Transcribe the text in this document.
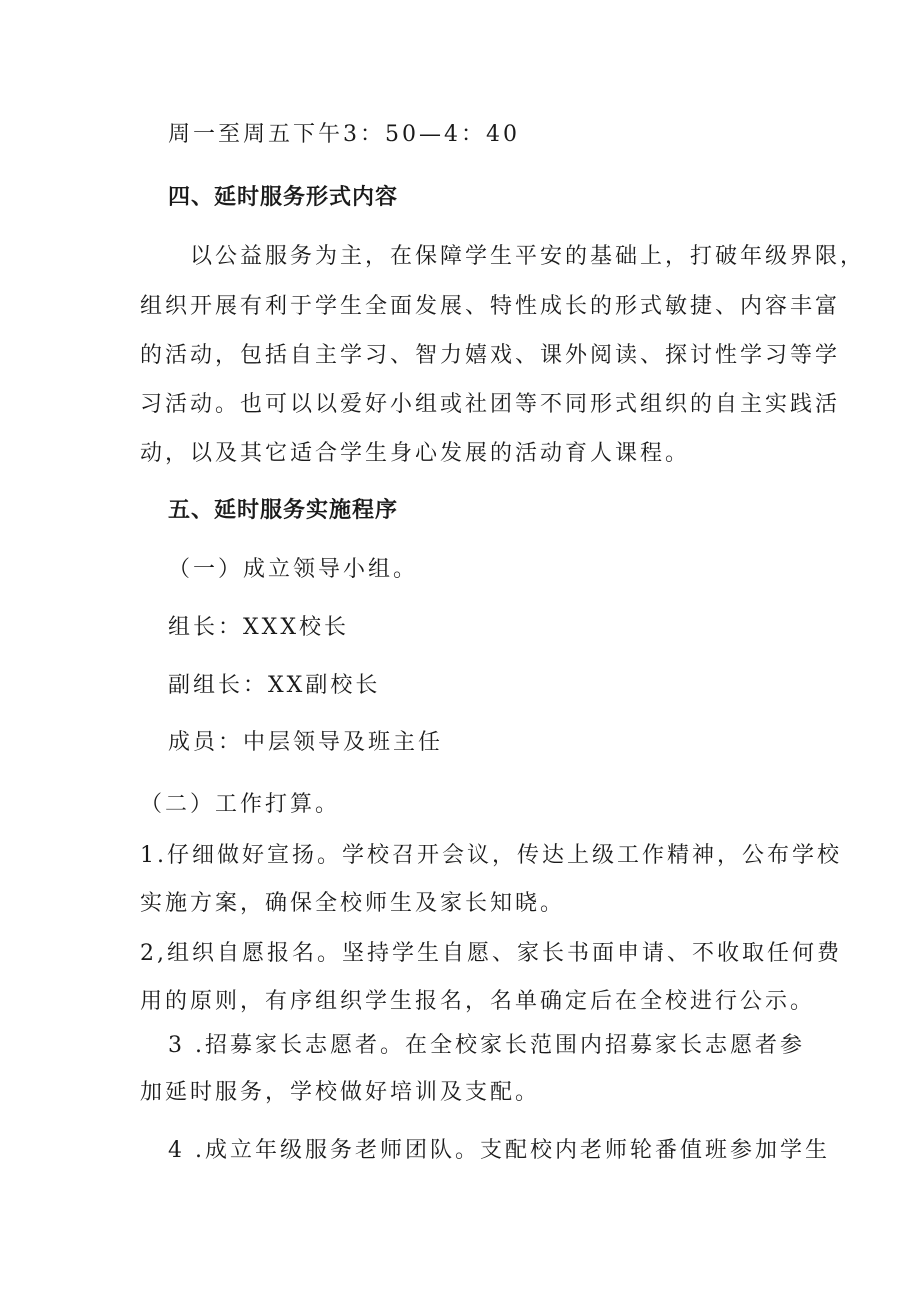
周一至周五下午3：50—4：40
四、延时服务形式内容
以公益服务为主，在保障学生平安的基础上，打破年级界限，
组织开展有利于学生全面发展、特性成长的形式敏捷、内容丰富
的活动，包括自主学习、智力嬉戏、课外阅读、探讨性学习等学
习活动。也可以以爱好小组或社团等不同形式组织的自主实践活
动，以及其它适合学生身心发展的活动育人课程。
五、延时服务实施程序
（一）成立领导小组。
组长：XXX校长
副组长：XX副校长
成员：中层领导及班主任
（二）工作打算。
1.仔细做好宣扬。学校召开会议，传达上级工作精神，公布学校
实施方案，确保全校师生及家长知晓。
2,组织自愿报名。坚持学生自愿、家长书面申请、不收取任何费
用的原则，有序组织学生报名，名单确定后在全校进行公示。
3 .招募家长志愿者。在全校家长范围内招募家长志愿者参
加延时服务，学校做好培训及支配。
4 .成立年级服务老师团队。支配校内老师轮番值班参加学生
